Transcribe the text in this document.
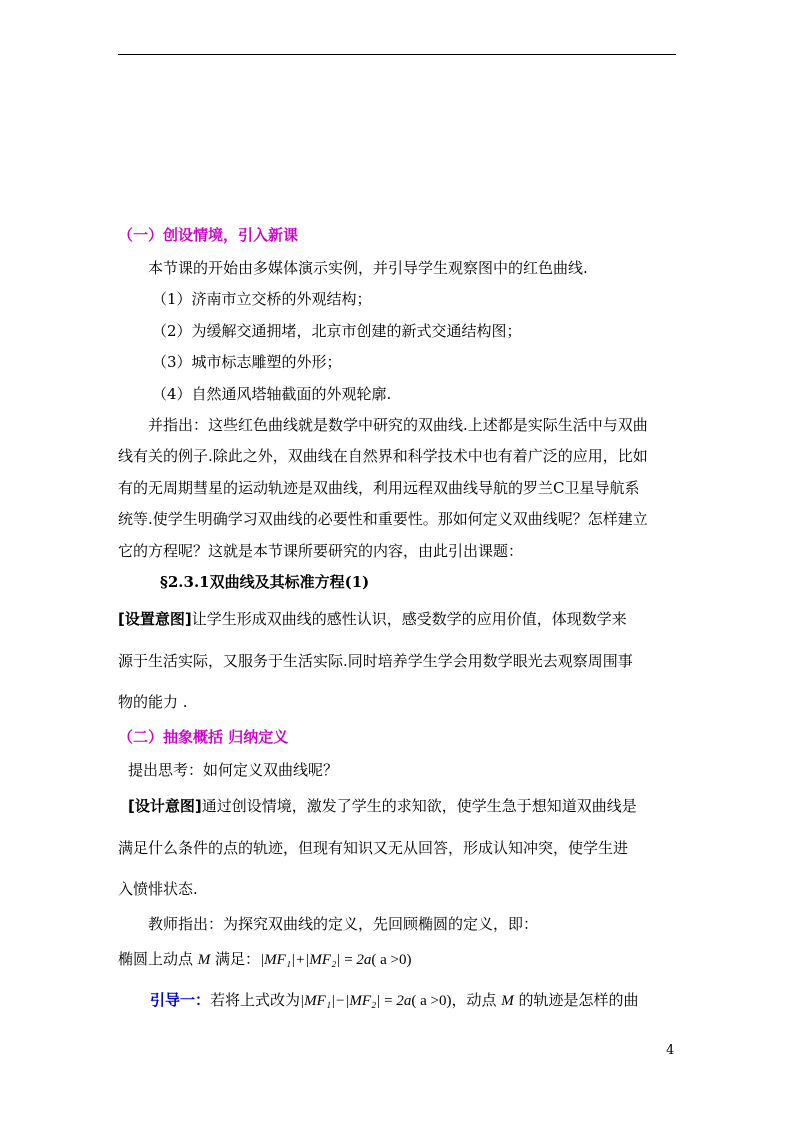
（一）创设情境，引入新课
本节课的开始由多媒体演示实例，并引导学生观察图中的红色曲线.
（1）济南市立交桥的外观结构；
（2）为缓解交通拥堵，北京市创建的新式交通结构图；
（3）城市标志雕塑的外形；
（4）自然通风塔轴截面的外观轮廓.
并指出：这些红色曲线就是数学中研究的双曲线.上述都是实际生活中与双曲
线有关的例子.除此之外，双曲线在自然界和科学技术中也有着广泛的应用，比如
有的无周期彗星的运动轨迹是双曲线，利用远程双曲线导航的罗兰C卫星导航系
统等.使学生明确学习双曲线的必要性和重要性。那如何定义双曲线呢？怎样建立
它的方程呢？这就是本节课所要研究的内容，由此引出课题：
§2.3.1双曲线及其标准方程(1)
[设置意图]让学生形成双曲线的感性认识，感受数学的应用价值，体现数学来
源于生活实际，又服务于生活实际.同时培养学生学会用数学眼光去观察周围事
物的能力 .
（二）抽象概括 归纳定义
提出思考：如何定义双曲线呢？
[设计意图]通过创设情境，激发了学生的求知欲，使学生急于想知道双曲线是
满足什么条件的点的轨迹，但现有知识又无从回答，形成认知冲突，使学生进
入愤悱状态.
教师指出：为探究双曲线的定义，先回顾椭圆的定义，即：
椭圆上动点 M 满足：|MF₁|+|MF₂| = 2a( a >0)
引导一：若将上式改为|MF₁|−|MF₂| = 2a( a >0)，动点 M 的轨迹是怎样的曲
4
